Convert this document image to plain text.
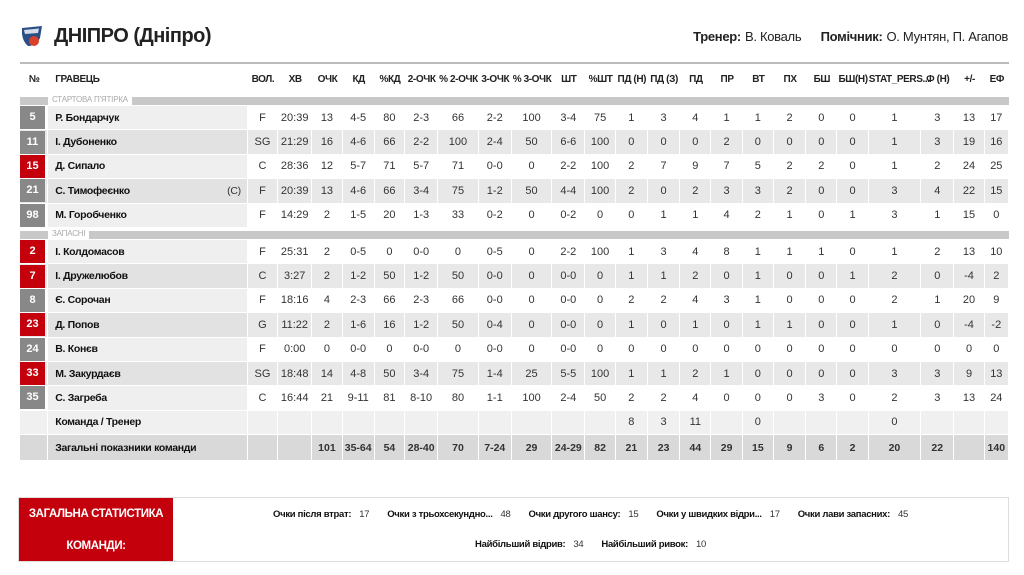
ДНІПРО (Дніпро)	Тренер: В. Коваль Помічник: О. Мунтян, П. Агапов
№	ГРАВЕЦЬ	ВОЛ.	ХВ	ОЧК	КД	%КД	2-ОЧК	% 2-ОЧК	3-ОЧК	% 3-ОЧК	ШТ	%ШТ	ПД (Н)	ПД (З)	ПД	ПР	ВТ	ПХ	БШ	БШ(Н)	STAT_PERS...	Ф (Н)	+/-	ЕФ

СТАРТОВА П'ЯТІРКА																								

5	Р. Бондарчук	F	20:39	13	4-5	80	2-3	66	2-2	100	3-4	75	1	3	4	1	1	2	0	0	1	3	13	17

11	І. Дубоненко	SG	21:29	16	4-6	66	2-2	100	2-4	50	6-6	100	0	0	0	2	0	0	0	0	1	3	19	16

15	Д. Сипало	C	28:36	12	5-7	71	5-7	71	0-0	0	2-2	100	2	7	9	7	5	2	2	0	1	2	24	25

21	С. Тимофеєнко (C)	F	20:39	13	4-6	66	3-4	75	1-2	50	4-4	100	2	0	2	3	3	2	0	0	3	4	22	15

98	М. Горобченко	F	14:29	2	1-5	20	1-3	33	0-2	0	0-2	0	0	1	1	4	2	1	0	1	3	1	15	0

ЗАПАСНІ																								

2	І. Колдомасов	F	25:31	2	0-5	0	0-0	0	0-5	0	2-2	100	1	3	4	8	1	1	1	0	1	2	13	10

7	І. Дружелюбов	C	3:27	2	1-2	50	1-2	50	0-0	0	0-0	0	1	1	2	0	1	0	0	1	2	0	-4	2

8	Є. Сорочан	F	18:16	4	2-3	66	2-3	66	0-0	0	0-0	0	2	2	4	3	1	0	0	0	2	1	20	9

23	Д. Попов	G	11:22	2	1-6	16	1-2	50	0-4	0	0-0	0	1	0	1	0	1	1	0	0	1	0	-4	-2

24	В. Конєв	F	0:00	0	0-0	0	0-0	0	0-0	0	0-0	0	0	0	0	0	0	0	0	0	0	0	0	0

33	М. Закурдаєв	SG	18:48	14	4-8	50	3-4	75	1-4	25	5-5	100	1	1	2	1	0	0	0	0	3	3	9	13

35	С. Загреба	C	16:44	21	9-11	81	8-10	80	1-1	100	2-4	50	2	2	4	0	0	0	3	0	2	3	13	24
	Команда / Тренер												8	3	11		0				0			
	Загальні показники команди			101	35-64	54	28-40	70	7-24	29	24-29	82	21	23	44	29	15	9	6	2	20	22		140
ЗАГАЛЬНА СТАТИСТИКА КОМАНДИ:
Очки після втрат: 17 Очки з трьохсекундно... 48 Очки другого шансу: 15 Очки у швидких відри... 17 Очки лави запасних: 45
Найбільший відрив: 34 Найбільший ривок: 10
